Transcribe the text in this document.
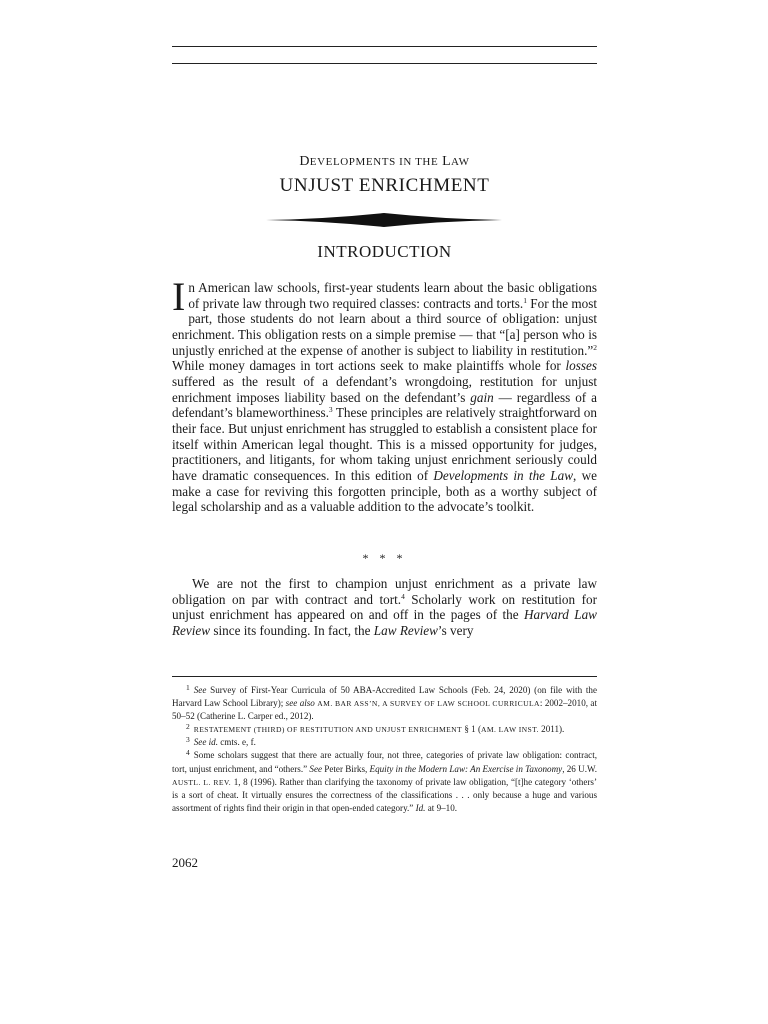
DEVELOPMENTS IN THE LAW
UNJUST ENRICHMENT
INTRODUCTION
In American law schools, first-year students learn about the basic obligations of private law through two required classes: contracts and torts.$^1$ For the most part, those students do not learn about a third source of obligation: unjust enrichment. This obligation rests on a simple premise — that “[a] person who is unjustly enriched at the expense of another is subject to liability in restitution.”$^2$ While money damages in tort actions seek to make plaintiffs whole for losses suffered as the result of a defendant’s wrongdoing, restitution for unjust enrichment imposes liability based on the defendant’s gain — regardless of a defendant’s blameworthiness.$^3$ These principles are relatively straightforward on their face. But unjust enrichment has struggled to establish a consistent place for itself within American legal thought. This is a missed opportunity for judges, practitioners, and litigants, for whom taking unjust enrichment seriously could have dramatic consequences. In this edition of Developments in the Law, we make a case for reviving this forgotten principle, both as a worthy subject of legal scholarship and as a valuable addition to the advocate’s toolkit.
* * *
We are not the first to champion unjust enrichment as a private law obligation on par with contract and tort.$^4$ Scholarly work on restitution for unjust enrichment has appeared on and off in the pages of the Harvard Law Review since its founding. In fact, the Law Review’s very

$^1$ See Survey of First-Year Curricula of 50 ABA-Accredited Law Schools (Feb. 24, 2020) (on file with the Harvard Law School Library); see also AM. BAR ASS’N, A SURVEY OF LAW SCHOOL CURRICULA: 2002–2010, at 50–52 (Catherine L. Carper ed., 2012).

$^2$ RESTATEMENT (THIRD) OF RESTITUTION AND UNJUST ENRICHMENT § 1 (AM. LAW INST. 2011).

$^3$ See id. cmts. e, f.

$^4$ Some scholars suggest that there are actually four, not three, categories of private law obligation: contract, tort, unjust enrichment, and “others.” See Peter Birks, Equity in the Modern Law: An Exercise in Taxonomy, 26 U.W. AUSTL. L. REV. 1, 8 (1996). Rather than clarifying the taxonomy of private law obligation, “[t]he category ‘others’ is a sort of cheat. It virtually ensures the correctness of the classifications . . . only because a huge and various assortment of rights find their origin in that open-ended category.” Id. at 9–10.

2062
